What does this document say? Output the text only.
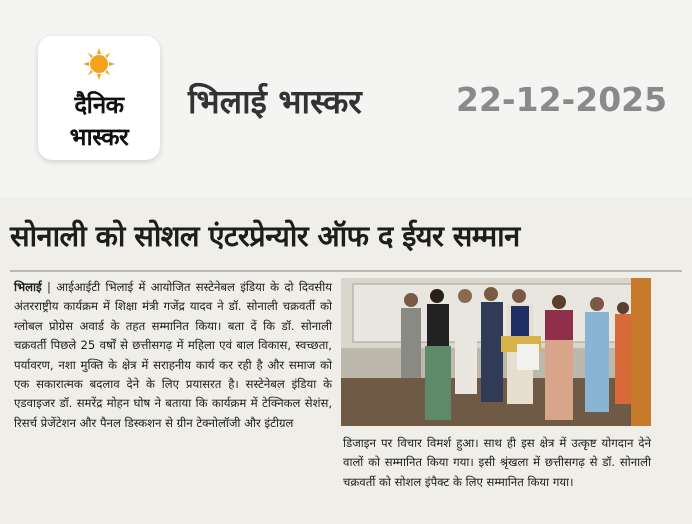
दैनिक
भास्कर
भिलाई भास्कर	22-12-2025
सोनाली को सोशल एंटरप्रेन्योर ऑफ द ईयर सम्मान
भिलाई | आईआईटी भिलाई में आयोजित सस्टेनेबल इंडिया के दो दिवसीय अंतरराष्ट्रीय कार्यक्रम में शिक्षा मंत्री गजेंद्र यादव ने डॉ. सोनाली चक्रवर्ती को ग्लोबल प्रोग्रेस अवार्ड के तहत सम्मानित किया। बता दें कि डॉ. सोनाली चक्रवर्ती पिछले 25 वर्षों से छत्तीसगढ़ में महिला एवं बाल विकास, स्वच्छता, पर्यावरण, नशा मुक्ति के क्षेत्र में सराहनीय कार्य कर रही है और समाज को एक सकारात्मक बदलाव देने के लिए प्रयासरत है। सस्टेनेबल इंडिया के एडवाइजर डॉ. समरेंद्र मोहन घोष ने बताया कि कार्यक्रम में टेक्निकल सेशंस, रिसर्च प्रेजेंटेशन और पैनल डिस्कशन से ग्रीन टेक्नोलॉजी और इंटीग्रल
डिजाइन पर विचार विमर्श हुआ। साथ ही इस क्षेत्र में उत्कृष्ट योगदान देने वालों को सम्मानित किया गया। इसी श्रृंखला में छत्तीसगढ़ से डॉ. सोनाली चक्रवर्ती को सोशल इंपैक्ट के लिए सम्मानित किया गया।
